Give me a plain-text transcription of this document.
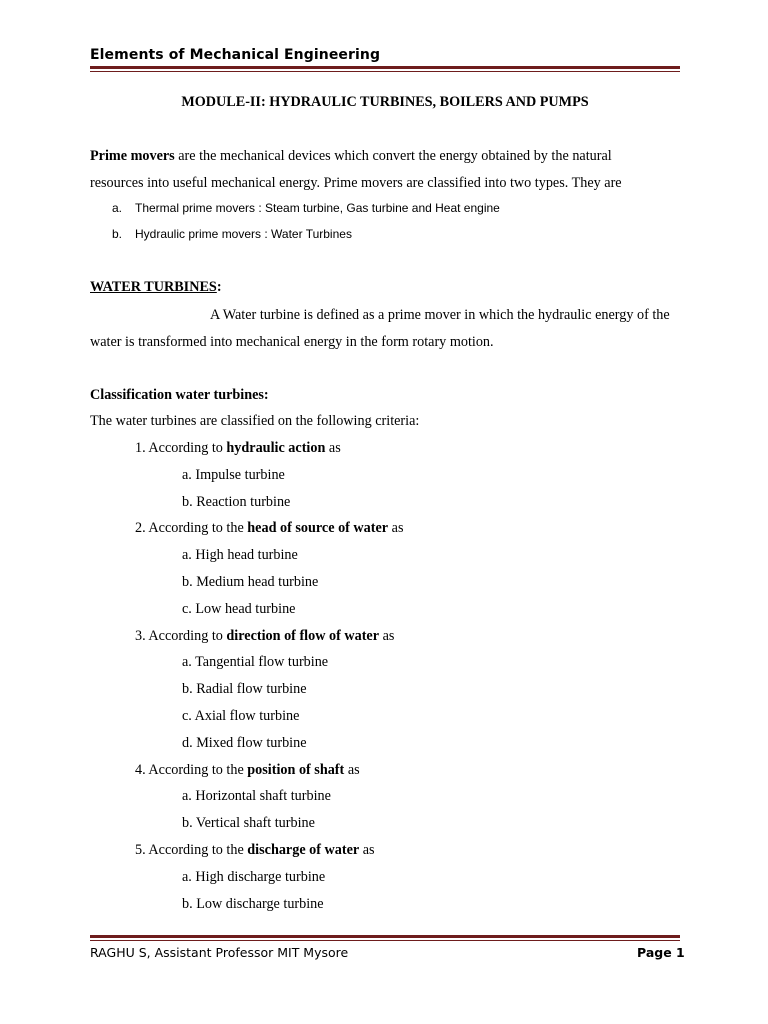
Elements of Mechanical Engineering
MODULE-II: HYDRAULIC TURBINES, BOILERS AND PUMPS
Prime movers are the mechanical devices which convert the energy obtained by the natural
resources into useful mechanical energy. Prime movers are classified into two types. They are
a. Thermal prime movers : Steam turbine, Gas turbine and Heat engine
b. Hydraulic prime movers : Water Turbines
WATER TURBINES:
A Water turbine is defined as a prime mover in which the hydraulic energy of the
water is transformed into mechanical energy in the form rotary motion.
Classification water turbines:
The water turbines are classified on the following criteria:
1. According to hydraulic action as
a. Impulse turbine
b. Reaction turbine
2. According to the head of source of water as
a. High head turbine
b. Medium head turbine
c. Low head turbine
3. According to direction of flow of water as
a. Tangential flow turbine
b. Radial flow turbine
c. Axial flow turbine
d. Mixed flow turbine
4. According to the position of shaft as
a. Horizontal shaft turbine
b. Vertical shaft turbine
5. According to the discharge of water as
a. High discharge turbine
b. Low discharge turbine
RAGHU S, Assistant Professor MIT Mysore	Page 1
